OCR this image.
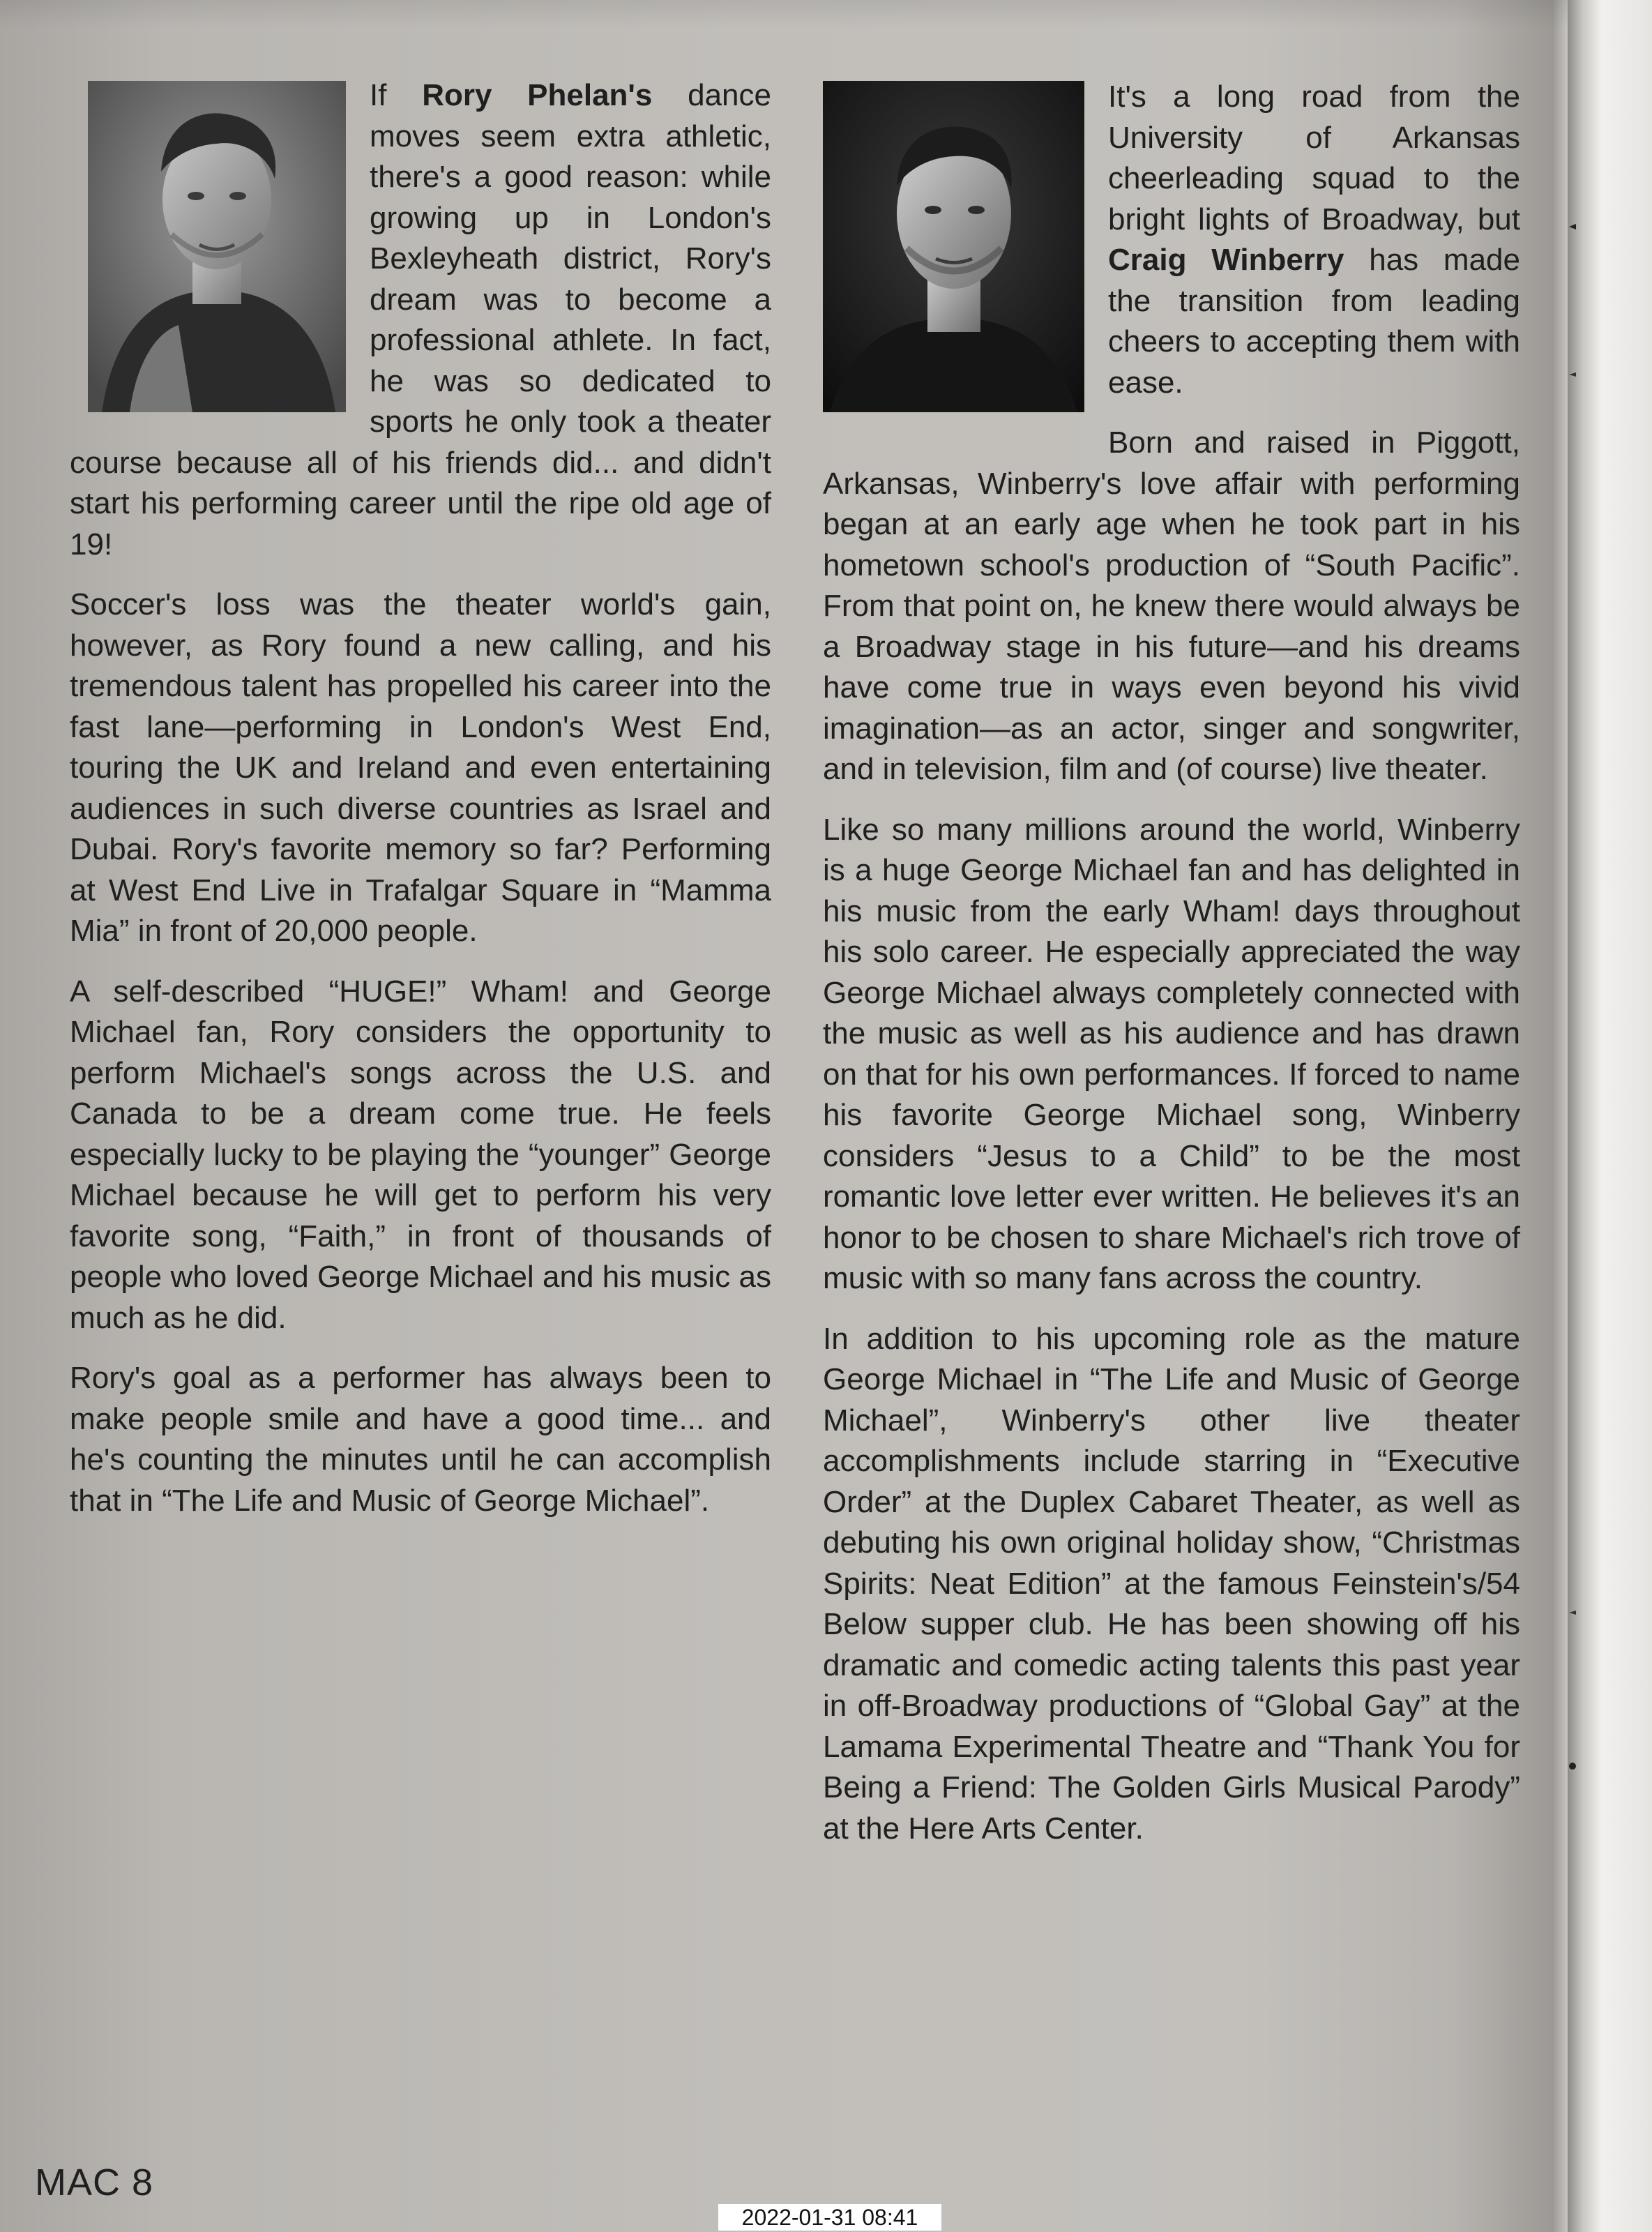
If Rory Phelan's dance moves seem extra athletic, there's a good reason: while growing up in London's Bexleyheath district, Rory's dream was to become a professional athlete. In fact, he was so dedicated to sports he only took a theater course because all of his friends did... and didn't start his performing career until the ripe old age of 19!

Soccer's loss was the theater world's gain, however, as Rory found a new calling, and his tremendous talent has propelled his career into the fast lane—performing in London's West End, touring the UK and Ireland and even entertaining audiences in such diverse countries as Israel and Dubai. Rory's favorite memory so far? Performing at West End Live in Trafalgar Square in “Mamma Mia” in front of 20,000 people.

A self-described “HUGE!” Wham! and George Michael fan, Rory considers the opportunity to perform Michael's songs across the U.S. and Canada to be a dream come true. He feels especially lucky to be playing the “younger” George Michael because he will get to perform his very favorite song, “Faith,” in front of thousands of people who loved George Michael and his music as much as he did.

Rory's goal as a performer has always been to make people smile and have a good time... and he's counting the minutes until he can accomplish that in “The Life and Music of George Michael”.

It's a long road from the University of Arkansas cheerleading squad to the bright lights of Broadway, but Craig Winberry has made the transition from leading cheers to accepting them with ease.

Born and raised in Piggott, Arkansas, Winberry's love affair with performing began at an early age when he took part in his hometown school's production of “South Pacific”. From that point on, he knew there would always be a Broadway stage in his future—and his dreams have come true in ways even beyond his vivid imagination—as an actor, singer and songwriter, and in television, film and (of course) live theater.

Like so many millions around the world, Winberry is a huge George Michael fan and has delighted in his music from the early Wham! days throughout his solo career. He especially appreciated the way George Michael always completely connected with the music as well as his audience and has drawn on that for his own performances. If forced to name his favorite George Michael song, Winberry considers “Jesus to a Child” to be the most romantic love letter ever written. He believes it's an honor to be chosen to share Michael's rich trove of music with so many fans across the country.

In addition to his upcoming role as the mature George Michael in “The Life and Music of George Michael”, Winberry's other live theater accomplishments include starring in “Executive Order” at the Duplex Cabaret Theater, as well as debuting his own original holiday show, “Christmas Spirits: Neat Edition” at the famous Feinstein's/54 Below supper club. He has been showing off his dramatic and comedic acting talents this past year in off-Broadway productions of “Global Gay” at the Lamama Experimental Theatre and “Thank You for Being a Friend: The Golden Girls Musical Parody” at the Here Arts Center.

MAC 8
2022-01-31 08:41
